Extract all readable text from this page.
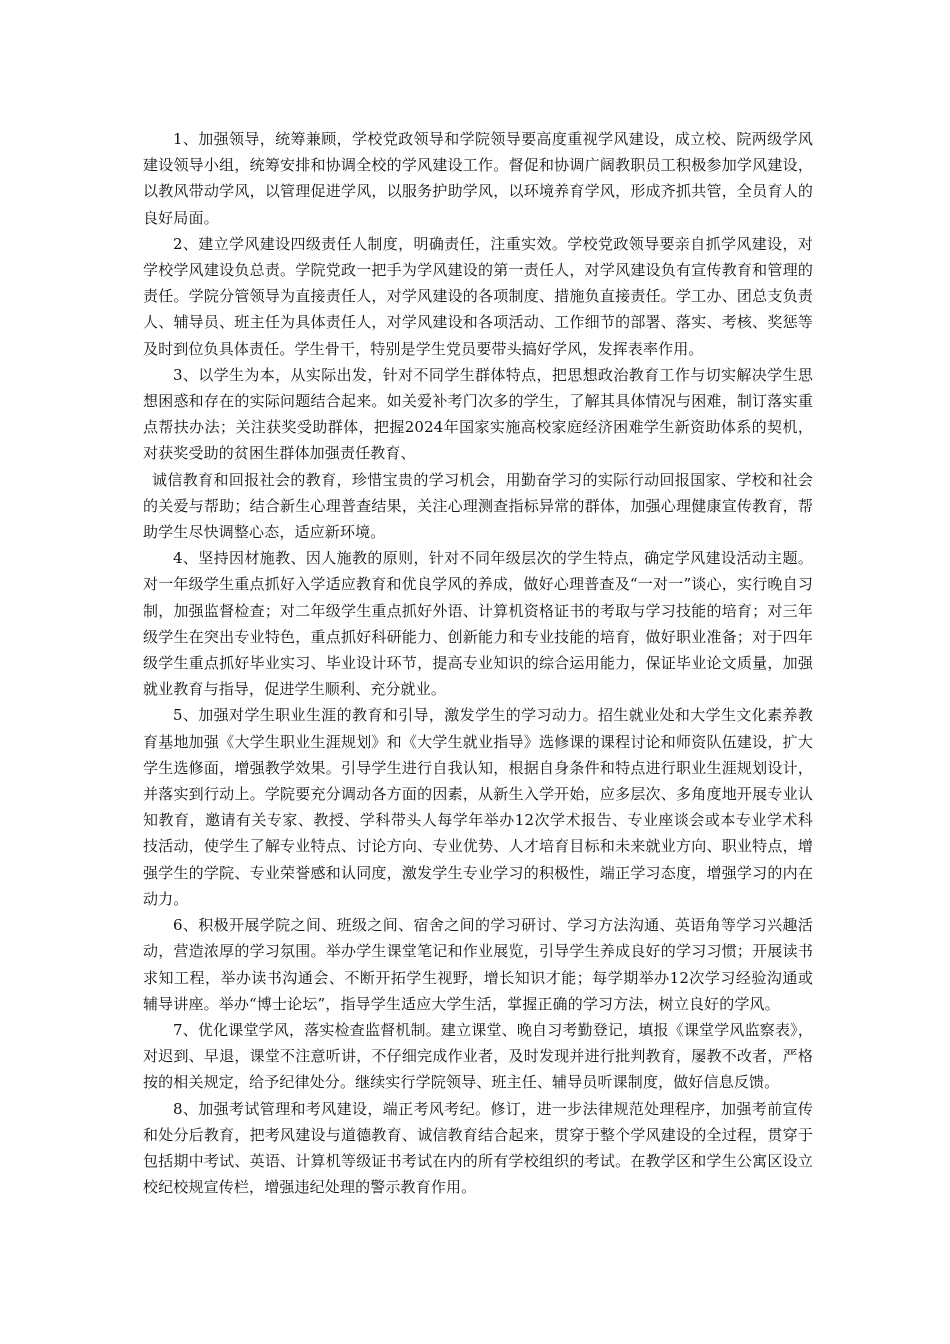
1、加强领导，统筹兼顾，学校党政领导和学院领导要高度重视学风建设，成立校、院两级学风建设领导小组，统筹安排和协调全校的学风建设工作。督促和协调广阔教职员工积极参加学风建设，以教风带动学风，以管理促进学风，以服务护助学风，以环境养育学风，形成齐抓共管，全员育人的良好局面。

2、建立学风建设四级责任人制度，明确责任，注重实效。学校党政领导要亲自抓学风建设，对学校学风建设负总责。学院党政一把手为学风建设的第一责任人，对学风建设负有宣传教育和管理的责任。学院分管领导为直接责任人，对学风建设的各项制度、措施负直接责任。学工办、团总支负责人、辅导员、班主任为具体责任人，对学风建设和各项活动、工作细节的部署、落实、考核、奖惩等及时到位负具体责任。学生骨干，特别是学生党员要带头搞好学风，发挥表率作用。

3、以学生为本，从实际出发，针对不同学生群体特点，把思想政治教育工作与切实解决学生思想困惑和存在的实际问题结合起来。如关爱补考门次多的学生，了解其具体情况与困难，制订落实重点帮扶办法；关注获奖受助群体，把握2024年国家实施高校家庭经济困难学生新资助体系的契机，对获奖受助的贫困生群体加强责任教育、

诚信教育和回报社会的教育，珍惜宝贵的学习机会，用勤奋学习的实际行动回报国家、学校和社会的关爱与帮助；结合新生心理普查结果，关注心理测查指标异常的群体，加强心理健康宣传教育，帮助学生尽快调整心态，适应新环境。

4、坚持因材施教、因人施教的原则，针对不同年级层次的学生特点，确定学风建设活动主题。对一年级学生重点抓好入学适应教育和优良学风的养成，做好心理普查及“一对一”谈心，实行晚自习制，加强监督检查；对二年级学生重点抓好外语、计算机资格证书的考取与学习技能的培育；对三年级学生在突出专业特色，重点抓好科研能力、创新能力和专业技能的培育，做好职业准备；对于四年级学生重点抓好毕业实习、毕业设计环节，提高专业知识的综合运用能力，保证毕业论文质量，加强就业教育与指导，促进学生顺利、充分就业。

5、加强对学生职业生涯的教育和引导，激发学生的学习动力。招生就业处和大学生文化素养教育基地加强《大学生职业生涯规划》和《大学生就业指导》选修课的课程讨论和师资队伍建设，扩大学生选修面，增强教学效果。引导学生进行自我认知，根据自身条件和特点进行职业生涯规划设计，并落实到行动上。学院要充分调动各方面的因素，从新生入学开始，应多层次、多角度地开展专业认知教育，邀请有关专家、教授、学科带头人每学年举办12次学术报告、专业座谈会或本专业学术科技活动，使学生了解专业特点、讨论方向、专业优势、人才培育目标和未来就业方向、职业特点，增强学生的学院、专业荣誉感和认同度，激发学生专业学习的积极性，端正学习态度，增强学习的内在动力。

6、积极开展学院之间、班级之间、宿舍之间的学习研讨、学习方法沟通、英语角等学习兴趣活动，营造浓厚的学习氛围。举办学生课堂笔记和作业展览，引导学生养成良好的学习习惯；开展读书求知工程，举办读书沟通会、不断开拓学生视野，增长知识才能；每学期举办12次学习经验沟通或辅导讲座。举办“博士论坛”，指导学生适应大学生活，掌握正确的学习方法，树立良好的学风。

7、优化课堂学风，落实检查监督机制。建立课堂、晚自习考勤登记，填报《课堂学风监察表》，对迟到、早退，课堂不注意听讲，不仔细完成作业者，及时发现并进行批判教育，屡教不改者，严格按的相关规定，给予纪律处分。继续实行学院领导、班主任、辅导员听课制度，做好信息反馈。

8、加强考试管理和考风建设，端正考风考纪。修订，进一步法律规范处理程序，加强考前宣传和处分后教育，把考风建设与道德教育、诚信教育结合起来，贯穿于整个学风建设的全过程，贯穿于包括期中考试、英语、计算机等级证书考试在内的所有学校组织的考试。在教学区和学生公寓区设立校纪校规宣传栏，增强违纪处理的警示教育作用。
